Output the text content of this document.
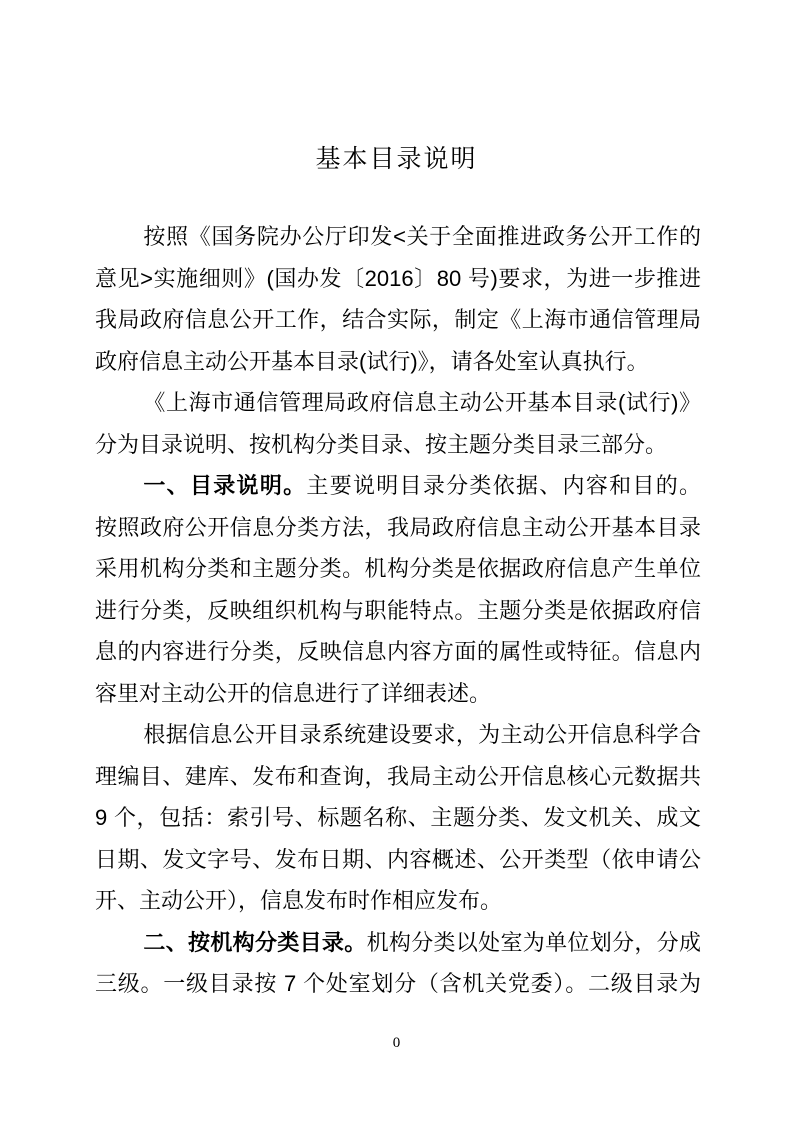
基本目录说明
按照《国务院办公厅印发<关于全面推进政务公开工作的
意见>实施细则》(国办发〔2016〕80 号)要求，为进一步推进
我局政府信息公开工作，结合实际，制定《上海市通信管理局
政府信息主动公开基本目录(试行)》，请各处室认真执行。
《上海市通信管理局政府信息主动公开基本目录(试行)》
分为目录说明、按机构分类目录、按主题分类目录三部分。
一、目录说明。主要说明目录分类依据、内容和目的。
按照政府公开信息分类方法，我局政府信息主动公开基本目录
采用机构分类和主题分类。机构分类是依据政府信息产生单位
进行分类，反映组织机构与职能特点。主题分类是依据政府信
息的内容进行分类，反映信息内容方面的属性或特征。信息内
容里对主动公开的信息进行了详细表述。
根据信息公开目录系统建设要求，为主动公开信息科学合
理编目、建库、发布和查询，我局主动公开信息核心元数据共
9 个，包括：索引号、标题名称、主题分类、发文机关、成文
日期、发文字号、发布日期、内容概述、公开类型（依申请公
开、主动公开），信息发布时作相应发布。
二、按机构分类目录。机构分类以处室为单位划分，分成
三级。一级目录按 7 个处室划分（含机关党委）。二级目录为
0
